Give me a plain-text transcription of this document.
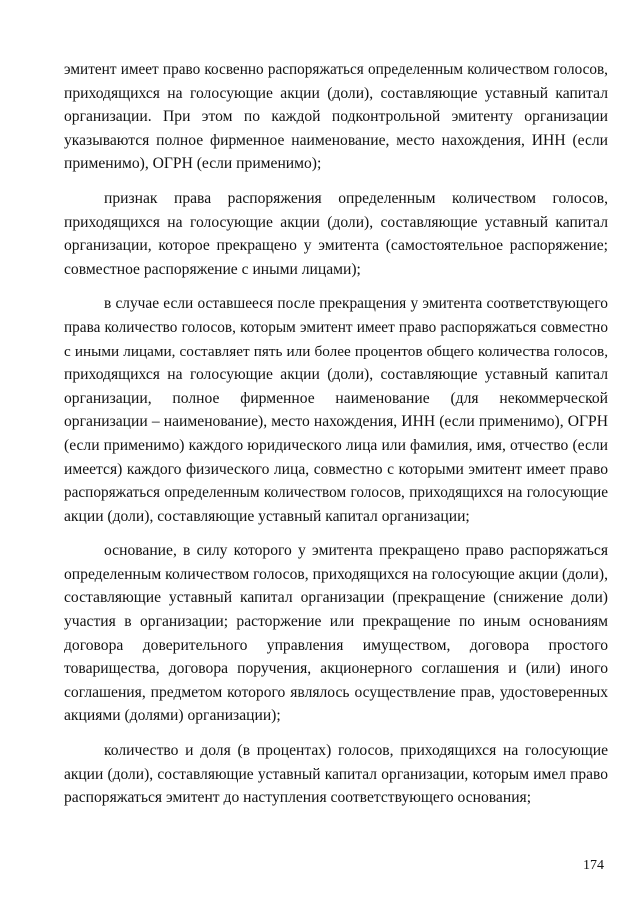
эмитент имеет право косвенно распоряжаться определенным количеством голосов,
приходящихся на голосующие акции (доли), составляющие уставный капитал
организации. При этом по каждой подконтрольной эмитенту организации
указываются полное фирменное наименование, место нахождения, ИНН (если
применимо), ОГРН (если применимо);

признак права распоряжения определенным количеством голосов,
приходящихся на голосующие акции (доли), составляющие уставный капитал
организации, которое прекращено у эмитента (самостоятельное распоряжение;
совместное распоряжение с иными лицами);

в случае если оставшееся после прекращения у эмитента соответствующего
права количество голосов, которым эмитент имеет право распоряжаться совместно
с иными лицами, составляет пять или более процентов общего количества голосов,
приходящихся на голосующие акции (доли), составляющие уставный капитал
организации, полное фирменное наименование (для некоммерческой
организации – наименование), место нахождения, ИНН (если применимо), ОГРН
(если применимо) каждого юридического лица или фамилия, имя, отчество (если
имеется) каждого физического лица, совместно с которыми эмитент имеет право
распоряжаться определенным количеством голосов, приходящихся на голосующие
акции (доли), составляющие уставный капитал организации;

основание, в силу которого у эмитента прекращено право распоряжаться
определенным количеством голосов, приходящихся на голосующие акции (доли),
составляющие уставный капитал организации (прекращение (снижение доли)
участия в организации; расторжение или прекращение по иным основаниям
договора доверительного управления имуществом, договора простого
товарищества, договора поручения, акционерного соглашения и (или) иного
соглашения, предметом которого являлось осуществление прав, удостоверенных
акциями (долями) организации);

количество и доля (в процентах) голосов, приходящихся на голосующие
акции (доли), составляющие уставный капитал организации, которым имел право
распоряжаться эмитент до наступления соответствующего основания;

174
